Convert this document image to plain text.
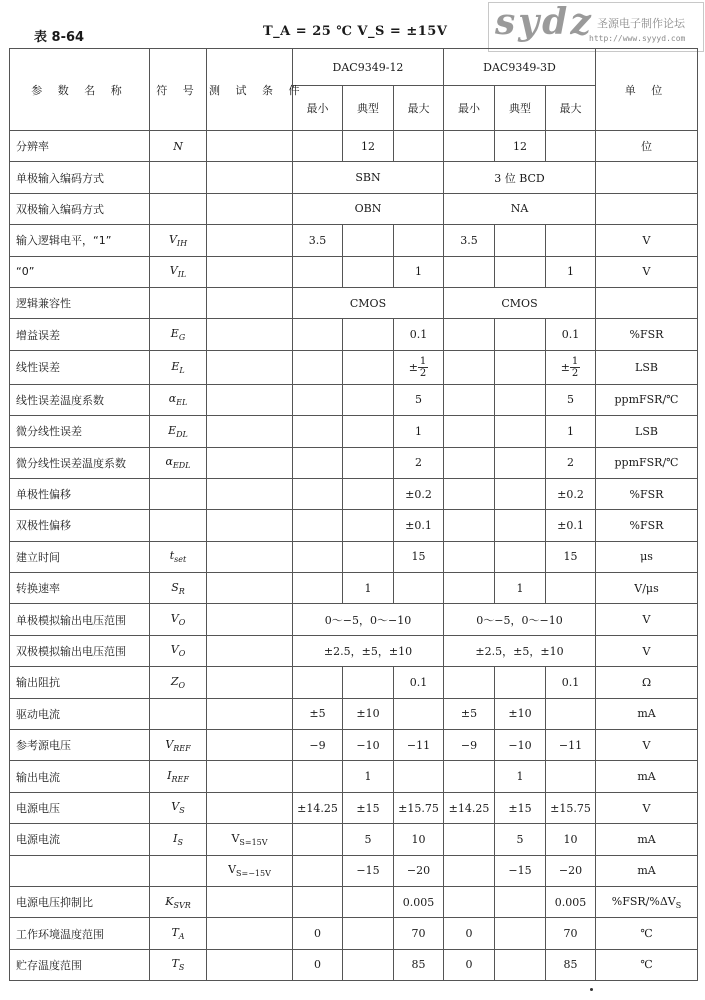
表 8-64	T_A = 25 ℃ V_S = ±15V sydz 圣源电子制作论坛
http://www.syyyd.com
参 数 名 称	符 号	测 试 条 件	DAC9349-12			DAC9349-3D			单 位
			最小	典型	最大	最小	典型	最大	
分辨率	N			12			12		位
单极输入编码方式			SBN			3 位 BCD			
双极输入编码方式			OBN			NA			
输入逻辑电平，“1”	$V_{IH}$		3.5			3.5			V
“0”	$V_{IL}$				1			1	V
逻辑兼容性			CMOS			CMOS			
增益误差	$E_G$				0.1			0.1	%FSR
线性误差	$E_L$				± $\frac{1}{2}$			± $\frac{1}{2}$	LSB
线性误差温度系数	$\alpha_{EL}$				5			5	ppmFSR/℃
微分线性误差	$E_{DL}$				1			1	LSB
微分线性误差温度系数	$\alpha_{EDL}$				2			2	ppmFSR/℃
单极性偏移					±0.2			±0.2	%FSR
双极性偏移					±0.1			±0.1	%FSR
建立时间	$t_{set}$				15			15	μs
转换速率	$S_R$			1			1		V/μs
单极模拟输出电压范围	$V_O$		0～−5，0～−10			0～−5，0～−10			V
双极模拟输出电压范围	$V_O$		±2.5，±5，±10			±2.5，±5，±10			V
输出阻抗	$Z_O$				0.1			0.1	Ω
驱动电流			±5	±10		±5	±10		mA
参考源电压	$V_{REF}$		−9	−10	−11	−9	−10	−11	V
输出电流	$I_{REF}$			1			1		mA
电源电压	$V_S$		±14.25	±15	±15.75	±14.25	±15	±15.75	V
电源电流	$I_S$	$V_{S=15V}$		5	10		5	10	mA
		$V_{S=-15V}$		−15	−20		−15	−20	mA
电源电压抑制比	$K_{SVR}$				0.005			0.005	$\%FSR/\%\Delta V_S$
工作环境温度范围	$T_A$		0		70	0		70	℃
贮存温度范围	$T_S$		0		85	0		85	℃
